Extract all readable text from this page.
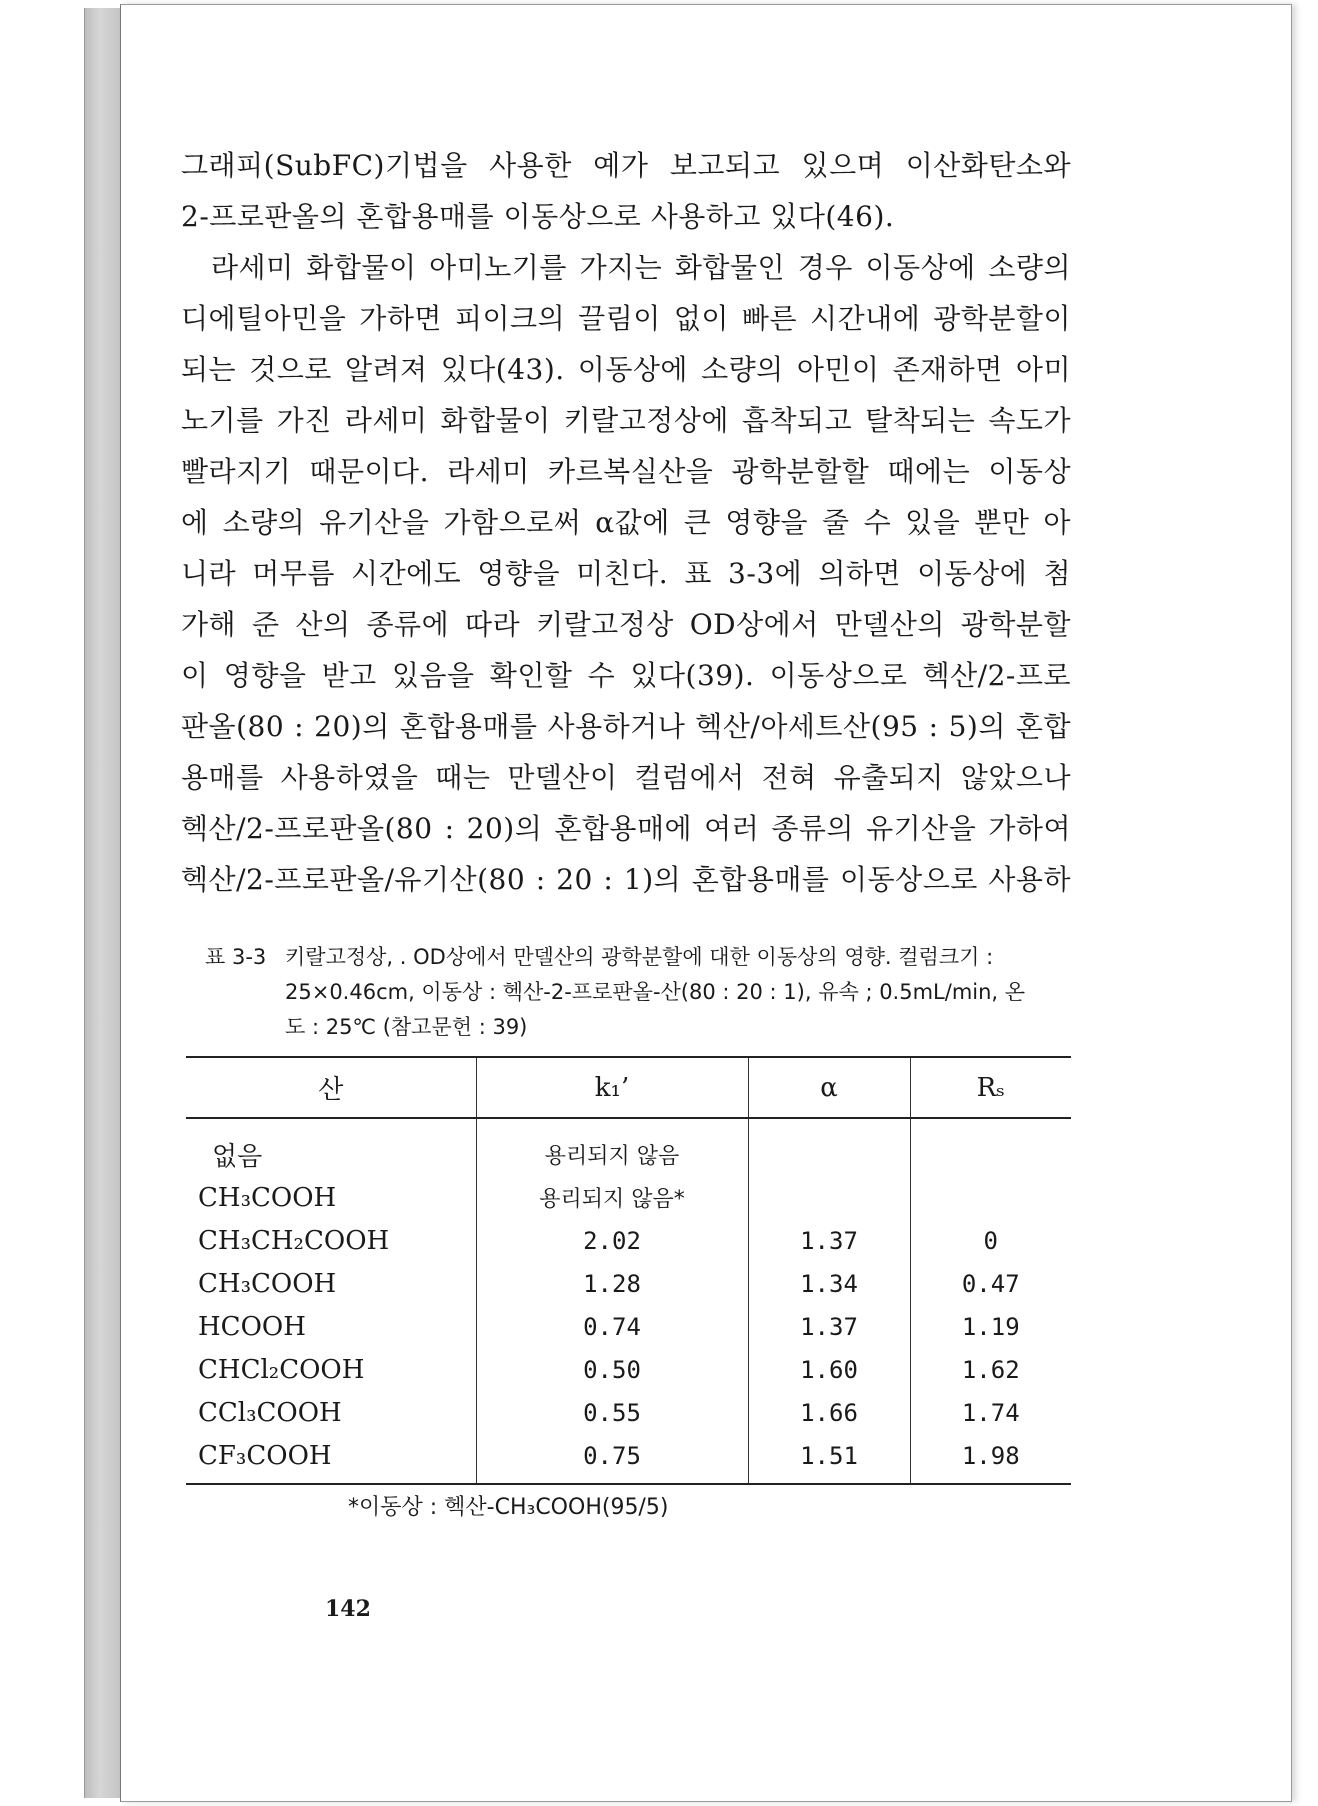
그래피(SubFC)기법을 사용한 예가 보고되고 있으며 이산화탄소와

2-프로판올의 혼합용매를 이동상으로 사용하고 있다(46).

라세미 화합물이 아미노기를 가지는 화합물인 경우 이동상에 소량의

디에틸아민을 가하면 피이크의 끌림이 없이 빠른 시간내에 광학분할이

되는 것으로 알려져 있다(43). 이동상에 소량의 아민이 존재하면 아미

노기를 가진 라세미 화합물이 키랄고정상에 흡착되고 탈착되는 속도가

빨라지기 때문이다. 라세미 카르복실산을 광학분할할 때에는 이동상

에 소량의 유기산을 가함으로써 α값에 큰 영향을 줄 수 있을 뿐만 아

니라 머무름 시간에도 영향을 미친다. 표 3-3에 의하면 이동상에 첨

가해 준 산의 종류에 따라 키랄고정상 OD상에서 만델산의 광학분할

이 영향을 받고 있음을 확인할 수 있다(39). 이동상으로 헥산/2-프로

판올(80 : 20)의 혼합용매를 사용하거나 헥산/아세트산(95 : 5)의 혼합

용매를 사용하였을 때는 만델산이 컬럼에서 전혀 유출되지 않았으나

헥산/2-프로판올(80 : 20)의 혼합용매에 여러 종류의 유기산을 가하여

헥산/2-프로판올/유기산(80 : 20 : 1)의 혼합용매를 이동상으로 사용하

표 3-3 키랄고정상, . OD상에서 만델산의 광학분할에 대한 이동상의 영향. 컬럼크기 :
25×0.46cm, 이동상 : 헥산-2-프로판올-산(80 : 20 : 1), 유속 ; 0.5mL/min, 온
도 : 25℃ (참고문헌 : 39)
산	k₁’	α	Rₛ
없음	용리되지 않음		
CH₃COOH	용리되지 않음*		
CH₃CH₂COOH	2.02	1.37	0
CH₃COOH	1.28	1.34	0.47
HCOOH	0.74	1.37	1.19
CHCl₂COOH	0.50	1.60	1.62
CCl₃COOH	0.55	1.66	1.74
CF₃COOH	0.75	1.51	1.98
*이동상 : 헥산-CH₃COOH(95/5)
142
